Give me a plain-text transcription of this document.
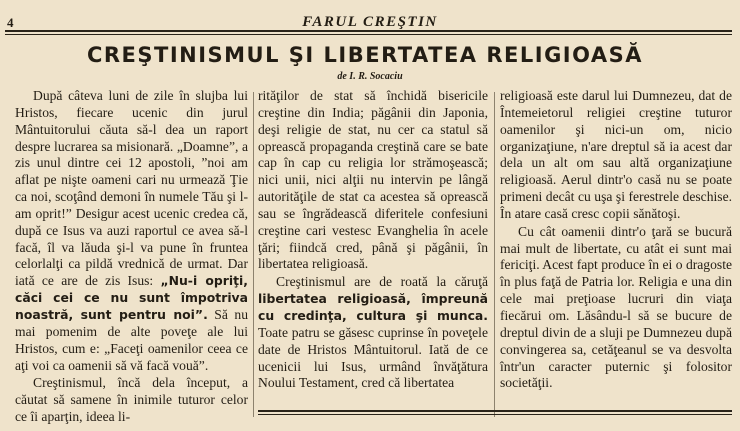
4	FARUL CREŞTIN
CREŞTINISMUL ŞI LIBERTATEA RELIGIOASĂ
de I. R. Socaciu

După câteva luni de zile în slujba lui Hristos, fiecare ucenic din jurul Mântuitorului căuta să-l dea un raport despre lucrarea sa misionară. „Doamne”, a zis unul dintre cei 12 apostoli, ”noi am aflat pe nişte oameni cari nu urmează Ţie ca noi, scoţând demoni în numele Tău şi l-am oprit!” Desigur acest ucenic credea că, după ce Isus va auzi raportul ce avea să-l facă, îl va lăuda şi-l va pune în fruntea celorlalţi ca pildă vrednică de urmat. Dar iată ce are de zis Isus: „Nu-i opriţi, căci cei ce nu sunt împotriva noastră, sunt pentru noi”. Să nu mai pomenim de alte poveţe ale lui Hristos, cum e: „Faceţi oamenilor ceea ce aţi voi ca oamenii să vă facă vouă”.

Creştinismul, încă dela început, a căutat să samene în inimile tuturor celor ce îi aparţin, ideea li-

rităţilor de stat să închidă bisericile creştine din India; păgânii din Japonia, deşi religie de stat, nu cer ca statul să oprească propaganda creştină care se bate cap în cap cu religia lor strămoşească; nici unii, nici alţii nu intervin pe lângă autorităţile de stat ca acestea să oprească sau se îngrădească diferitele confesiuni creştine cari vestesc Evanghelia în acele ţări; fiindcă cred, până şi păgânii, în libertatea religioasă.

Creştinismul are de roată la căruţă libertatea religioasă, împreună cu credinţa, cultura şi munca. Toate patru se găsesc cuprinse în poveţele date de Hristos Mântuitorul. Iată de ce ucenicii lui Isus, urmând învăţătura Noului Testament, cred că libertatea

religioasă este darul lui Dumnezeu, dat de Întemeietorul religiei creştine tuturor oamenilor şi nici-un om, nicio organizaţiune, n'are dreptul să ia acest dar dela un alt om sau altă organizaţiune religioasă. Aerul dintr'o casă nu se poate primeni decât cu uşa şi ferestrele deschise. În atare casă cresc copii sănătoşi.

Cu cât oamenii dintr'o ţară se bucură mai mult de libertate, cu atât ei sunt mai fericiţi. Acest fapt produce în ei o dragoste în plus faţă de Patria lor. Religia e una din cele mai preţioase lucruri din viaţa fiecărui om. Lăsându-l să se bucure de dreptul divin de a sluji pe Dumnezeu după convingerea sa, cetăţeanul se va desvolta într'un caracter puternic şi folositor societăţii.
